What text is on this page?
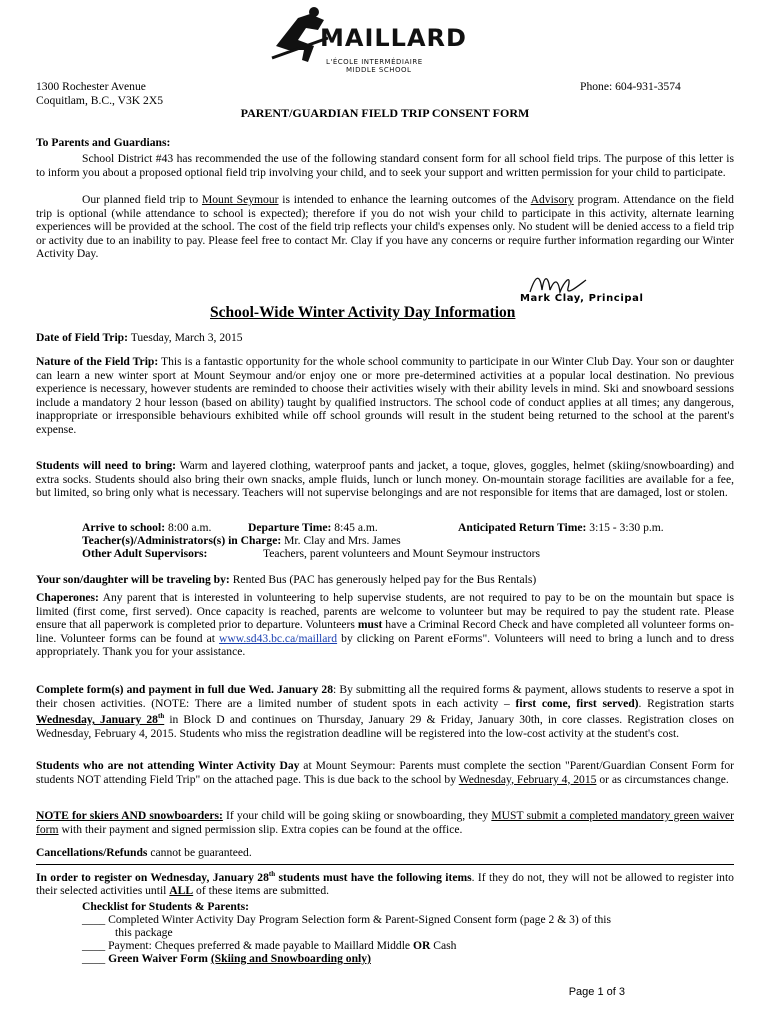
MAILLARD
L'ÉCOLE INTERMÉDIAIRE
MIDDLE SCHOOL
1300 Rochester Avenue
Coquitlam, B.C., V3K 2X5
Phone: 604-931-3574
PARENT/GUARDIAN FIELD TRIP CONSENT FORM
To Parents and Guardians:

School District #43 has recommended the use of the following standard consent form for all school field trips. The purpose of this letter is to inform you about a proposed optional field trip involving your child, and to seek your support and written permission for your child to participate.

Our planned field trip to Mount Seymour is intended to enhance the learning outcomes of the Advisory program. Attendance on the field trip is optional (while attendance to school is expected); therefore if you do not wish your child to participate in this activity, alternate learning experiences will be provided at the school. The cost of the field trip reflects your child's expenses only. No student will be denied access to a field trip or activity due to an inability to pay. Please feel free to contact Mr. Clay if you have any concerns or require further information regarding our Winter Activity Day.

Mark Clay, Principal
School-Wide Winter Activity Day Information
Date of Field Trip: Tuesday, March 3, 2015

Nature of the Field Trip: This is a fantastic opportunity for the whole school community to participate in our Winter Club Day. Your son or daughter can learn a new winter sport at Mount Seymour and/or enjoy one or more pre-determined activities at a popular local destination. No previous experience is necessary, however students are reminded to choose their activities wisely with their ability levels in mind. Ski and snowboard sessions include a mandatory 2 hour lesson (based on ability) taught by qualified instructors. The school code of conduct applies at all times; any dangerous, inappropriate or irresponsible behaviours exhibited while off school grounds will result in the student being returned to the school at the parent's expense.

Students will need to bring: Warm and layered clothing, waterproof pants and jacket, a toque, gloves, goggles, helmet (skiing/snowboarding) and extra socks. Students should also bring their own snacks, ample fluids, lunch or lunch money. On-mountain storage facilities are available for a fee, but limited, so bring only what is necessary. Teachers will not supervise belongings and are not responsible for items that are damaged, lost or stolen.

Arrive to school: 8:00 a.m.	Departure Time: 8:45 a.m.	Anticipated Return Time: 3:15 - 3:30 p.m.
Teacher(s)/Administrators(s) in Charge: Mr. Clay and Mrs. James
Other Adult Supervisors:	Teachers, parent volunteers and Mount Seymour instructors
Your son/daughter will be traveling by: Rented Bus (PAC has generously helped pay for the Bus Rentals)

Chaperones: Any parent that is interested in volunteering to help supervise students, are not required to pay to be on the mountain but space is limited (first come, first served). Once capacity is reached, parents are welcome to volunteer but may be required to pay the student rate. Please ensure that all paperwork is completed prior to departure. Volunteers must have a Criminal Record Check and have completed all volunteer forms on-line. Volunteer forms can be found at www.sd43.bc.ca/maillard by clicking on Parent eForms". Volunteers will need to bring a lunch and to dress appropriately. Thank you for your assistance.

Complete form(s) and payment in full due Wed. January 28: By submitting all the required forms & payment, allows students to reserve a spot in their chosen activities. (NOTE: There are a limited number of student spots in each activity – first come, first served). Registration starts Wednesday, January 28th in Block D and continues on Thursday, January 29 & Friday, January 30th, in core classes. Registration closes on Wednesday, February 4, 2015. Students who miss the registration deadline will be registered into the low-cost activity at the student's cost.

Students who are not attending Winter Activity Day at Mount Seymour: Parents must complete the section "Parent/Guardian Consent Form for students NOT attending Field Trip" on the attached page. This is due back to the school by Wednesday, February 4, 2015 or as circumstances change.

NOTE for skiers AND snowboarders: If your child will be going skiing or snowboarding, they MUST submit a completed mandatory green waiver form with their payment and signed permission slip. Extra copies can be found at the office.

Cancellations/Refunds cannot be guaranteed.

In order to register on Wednesday, January 28th students must have the following items. If they do not, they will not be allowed to register into their selected activities until ALL of these items are submitted.

Checklist for Students & Parents:
____ Completed Winter Activity Day Program Selection form & Parent-Signed Consent form (page 2 & 3) of this
this package
____ Payment: Cheques preferred & made payable to Maillard Middle OR Cash
____ Green Waiver Form (Skiing and Snowboarding only)
Page 1 of 3
